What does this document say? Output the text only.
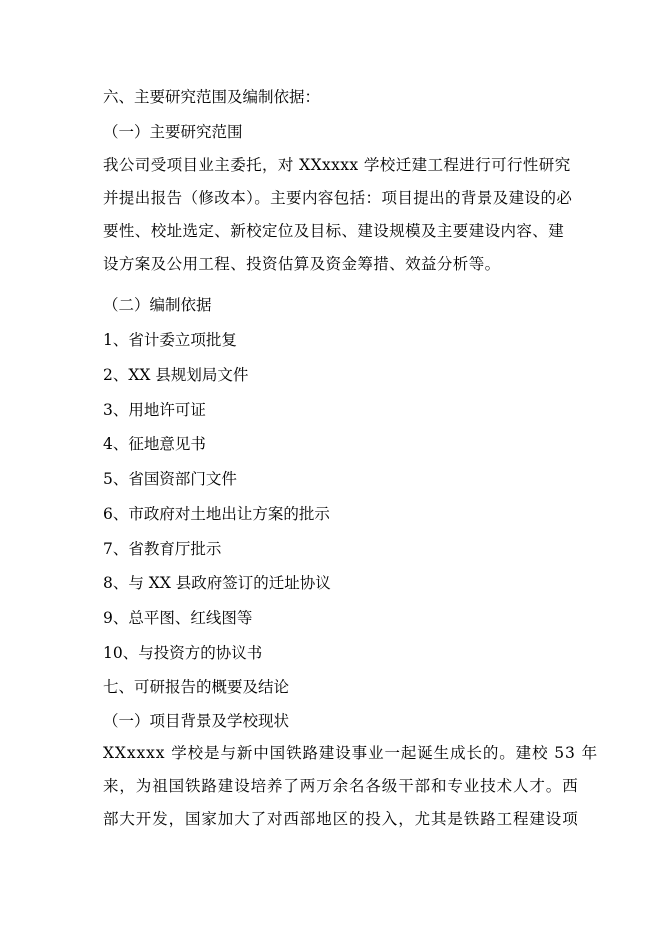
六、主要研究范围及编制依据：
（一）主要研究范围
我公司受项目业主委托，对 XXxxxx 学校迁建工程进行可行性研究
并提出报告（修改本）。主要内容包括：项目提出的背景及建设的必
要性、校址选定、新校定位及目标、建设规模及主要建设内容、建
设方案及公用工程、投资估算及资金筹措、效益分析等。
（二）编制依据
1、省计委立项批复
2、XX 县规划局文件
3、用地许可证
4、征地意见书
5、省国资部门文件
6、市政府对土地出让方案的批示
7、省教育厅批示
8、与 XX 县政府签订的迁址协议
9、总平图、红线图等
10、与投资方的协议书
七、可研报告的概要及结论
（一）项目背景及学校现状
XXxxxx 学校是与新中国铁路建设事业一起诞生成长的。建校 53 年
来，为祖国铁路建设培养了两万余名各级干部和专业技术人才。西
部大开发，国家加大了对西部地区的投入，尤其是铁路工程建设项
